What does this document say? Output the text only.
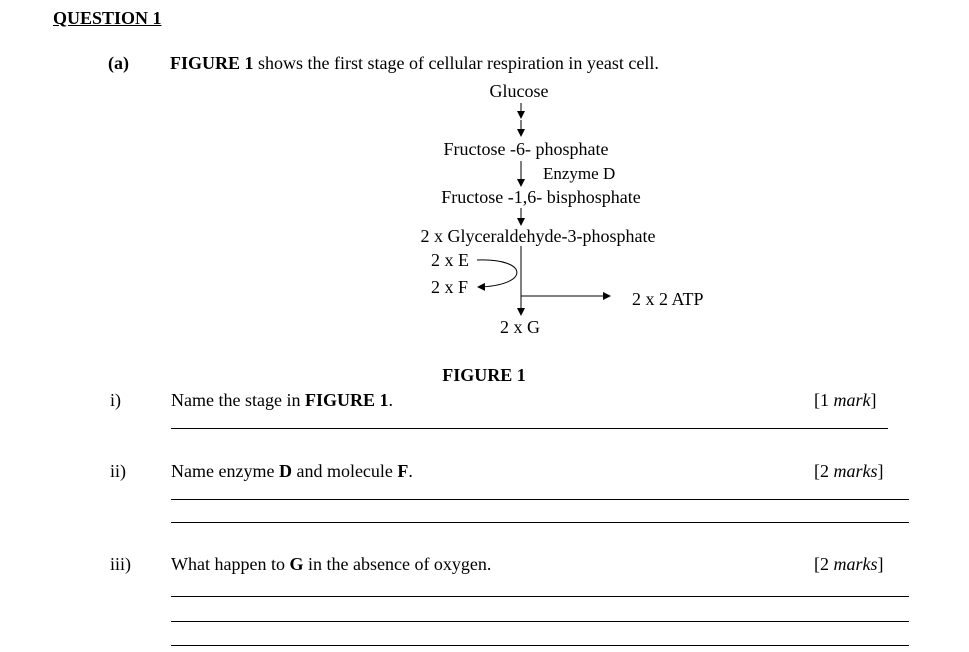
QUESTION 1
(a) FIGURE 1 shows the first stage of cellular respiration in yeast cell.
Glucose
Fructose -6- phosphate
Enzyme D
Fructose -1,6- bisphosphate
2 x Glyceraldehyde-3-phosphate
2 x E
2 x F
2 x 2 ATP
2 x G
FIGURE 1
i)	Name the stage in FIGURE 1.	[1 mark]
ii)	Name enzyme D and molecule F.	[2 marks]
iii) What happen to G in the absence of oxygen.	[2 marks]
